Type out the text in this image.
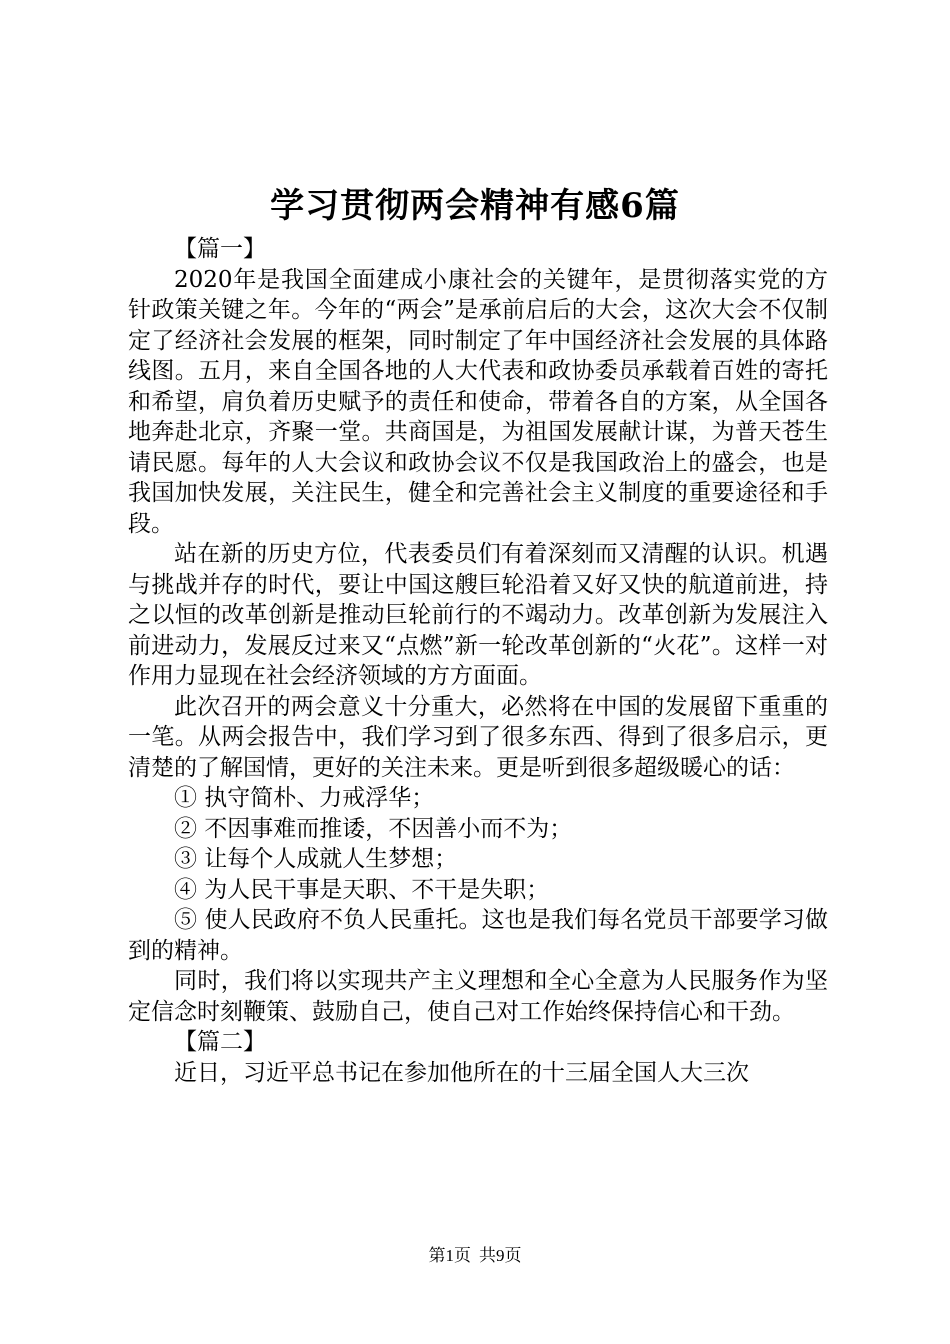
学习贯彻两会精神有感6篇

【篇一】

2020年是我国全面建成小康社会的关键年，是贯彻落实党的方针政策关键之年。今年的“两会”是承前启后的大会，这次大会不仅制定了经济社会发展的框架，同时制定了年中国经济社会发展的具体路线图。五月，来自全国各地的人大代表和政协委员承载着百姓的寄托和希望，肩负着历史赋予的责任和使命，带着各自的方案，从全国各地奔赴北京，齐聚一堂。共商国是，为祖国发展献计谋，为普天苍生请民愿。每年的人大会议和政协会议不仅是我国政治上的盛会，也是我国加快发展，关注民生，健全和完善社会主义制度的重要途径和手段。

站在新的历史方位，代表委员们有着深刻而又清醒的认识。机遇与挑战并存的时代，要让中国这艘巨轮沿着又好又快的航道前进，持之以恒的改革创新是推动巨轮前行的不竭动力。改革创新为发展注入前进动力，发展反过来又“点燃”新一轮改革创新的“火花”。这样一对作用力显现在社会经济领域的方方面面。

此次召开的两会意义十分重大，必然将在中国的发展留下重重的一笔。从两会报告中，我们学习到了很多东西、得到了很多启示，更清楚的了解国情，更好的关注未来。更是听到很多超级暖心的话：

① 执守简朴、力戒浮华；

② 不因事难而推诿，不因善小而不为；

③ 让每个人成就人生梦想；

④ 为人民干事是天职、不干是失职；

⑤ 使人民政府不负人民重托。这也是我们每名党员干部要学习做到的精神。

同时，我们将以实现共产主义理想和全心全意为人民服务作为坚定信念时刻鞭策、鼓励自己，使自己对工作始终保持信心和干劲。

【篇二】

近日，习近平总书记在参加他所在的十三届全国人大三次

第1页 共9页
